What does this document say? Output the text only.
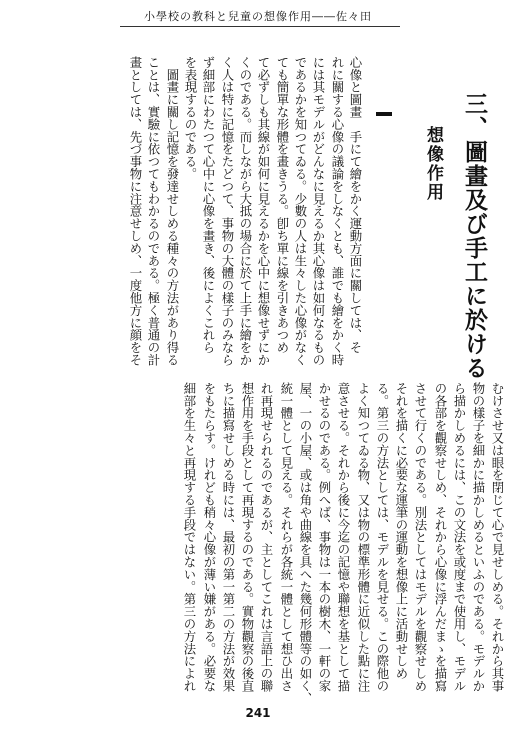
小學校の教科と兒童の想像作用――佐々田
三、圖畫及び手工に於ける
想像作用
心像と圖畫　手にて繪をかく運動方面に關しては、そ
れに關する心像の議論をしなくとも、誰でも繪をかく時
には其モデルがどんなに見えるか其心像は如何なるもの
であるかを知つてゐる。少數の人は生々した心像がなく
ても簡單な形體を畫きうる。卽ち單に線を引きあつめ
て必ずしも其線が如何に見えるかを心中に想像せずにか
くのである。而しながら大抵の場合に於て上手に繪をか
く人は特に記憶をたどつて、事物の大體の樣子のみなら
ず細部にわたつて心中に心像を畫き、後によくこれら
を表現するのである。
　圖畫に關し記憶を發達せしめる種々の方法があり得る
ことは、實驗に依つてもわかるのである。極く普通の計
畫としては、先づ事物に注意せしめ、一度他方に顔をそ
むけさせ又は眼を閉じて心で見せしめる。それから其事
物の樣子を細かに描かしめるといふのである。モデルか
ら描かしめるには、この文法を或度まで使用し、モデル
の各部を觀察せしめ、それから心像に浮んだまゝを描寫
させて行くのである。別法としてはモデルを觀察せしめ
それを描くに必要な運筆の運動を想像上に活動せしめ
る。第三の方法としては、モデルを見せる。この際他の
よく知つてゐる物、又は物の標準形體に近似した點に注
意させる。それから後に今迄の記憶や聯想を基として描
かせるのである。例へば、事物は一本の樹木、一軒の家
屋、一の小屋、或は角や曲線を具へた幾何形體等の如く、
統一體として見える。それらが各統一體として想ひ出さ
れ再現せられるのであるが、主としてこれは言語上の聯
想作用を手段として再現するのである。實物觀察の後直
ちに描寫せしめる時には、最初の第一第二の方法が效果
をもたらす。けれども稍々心像が薄い嫌がある。必要な
細部を生々と再現する手段ではない。第三の方法によれ
241
